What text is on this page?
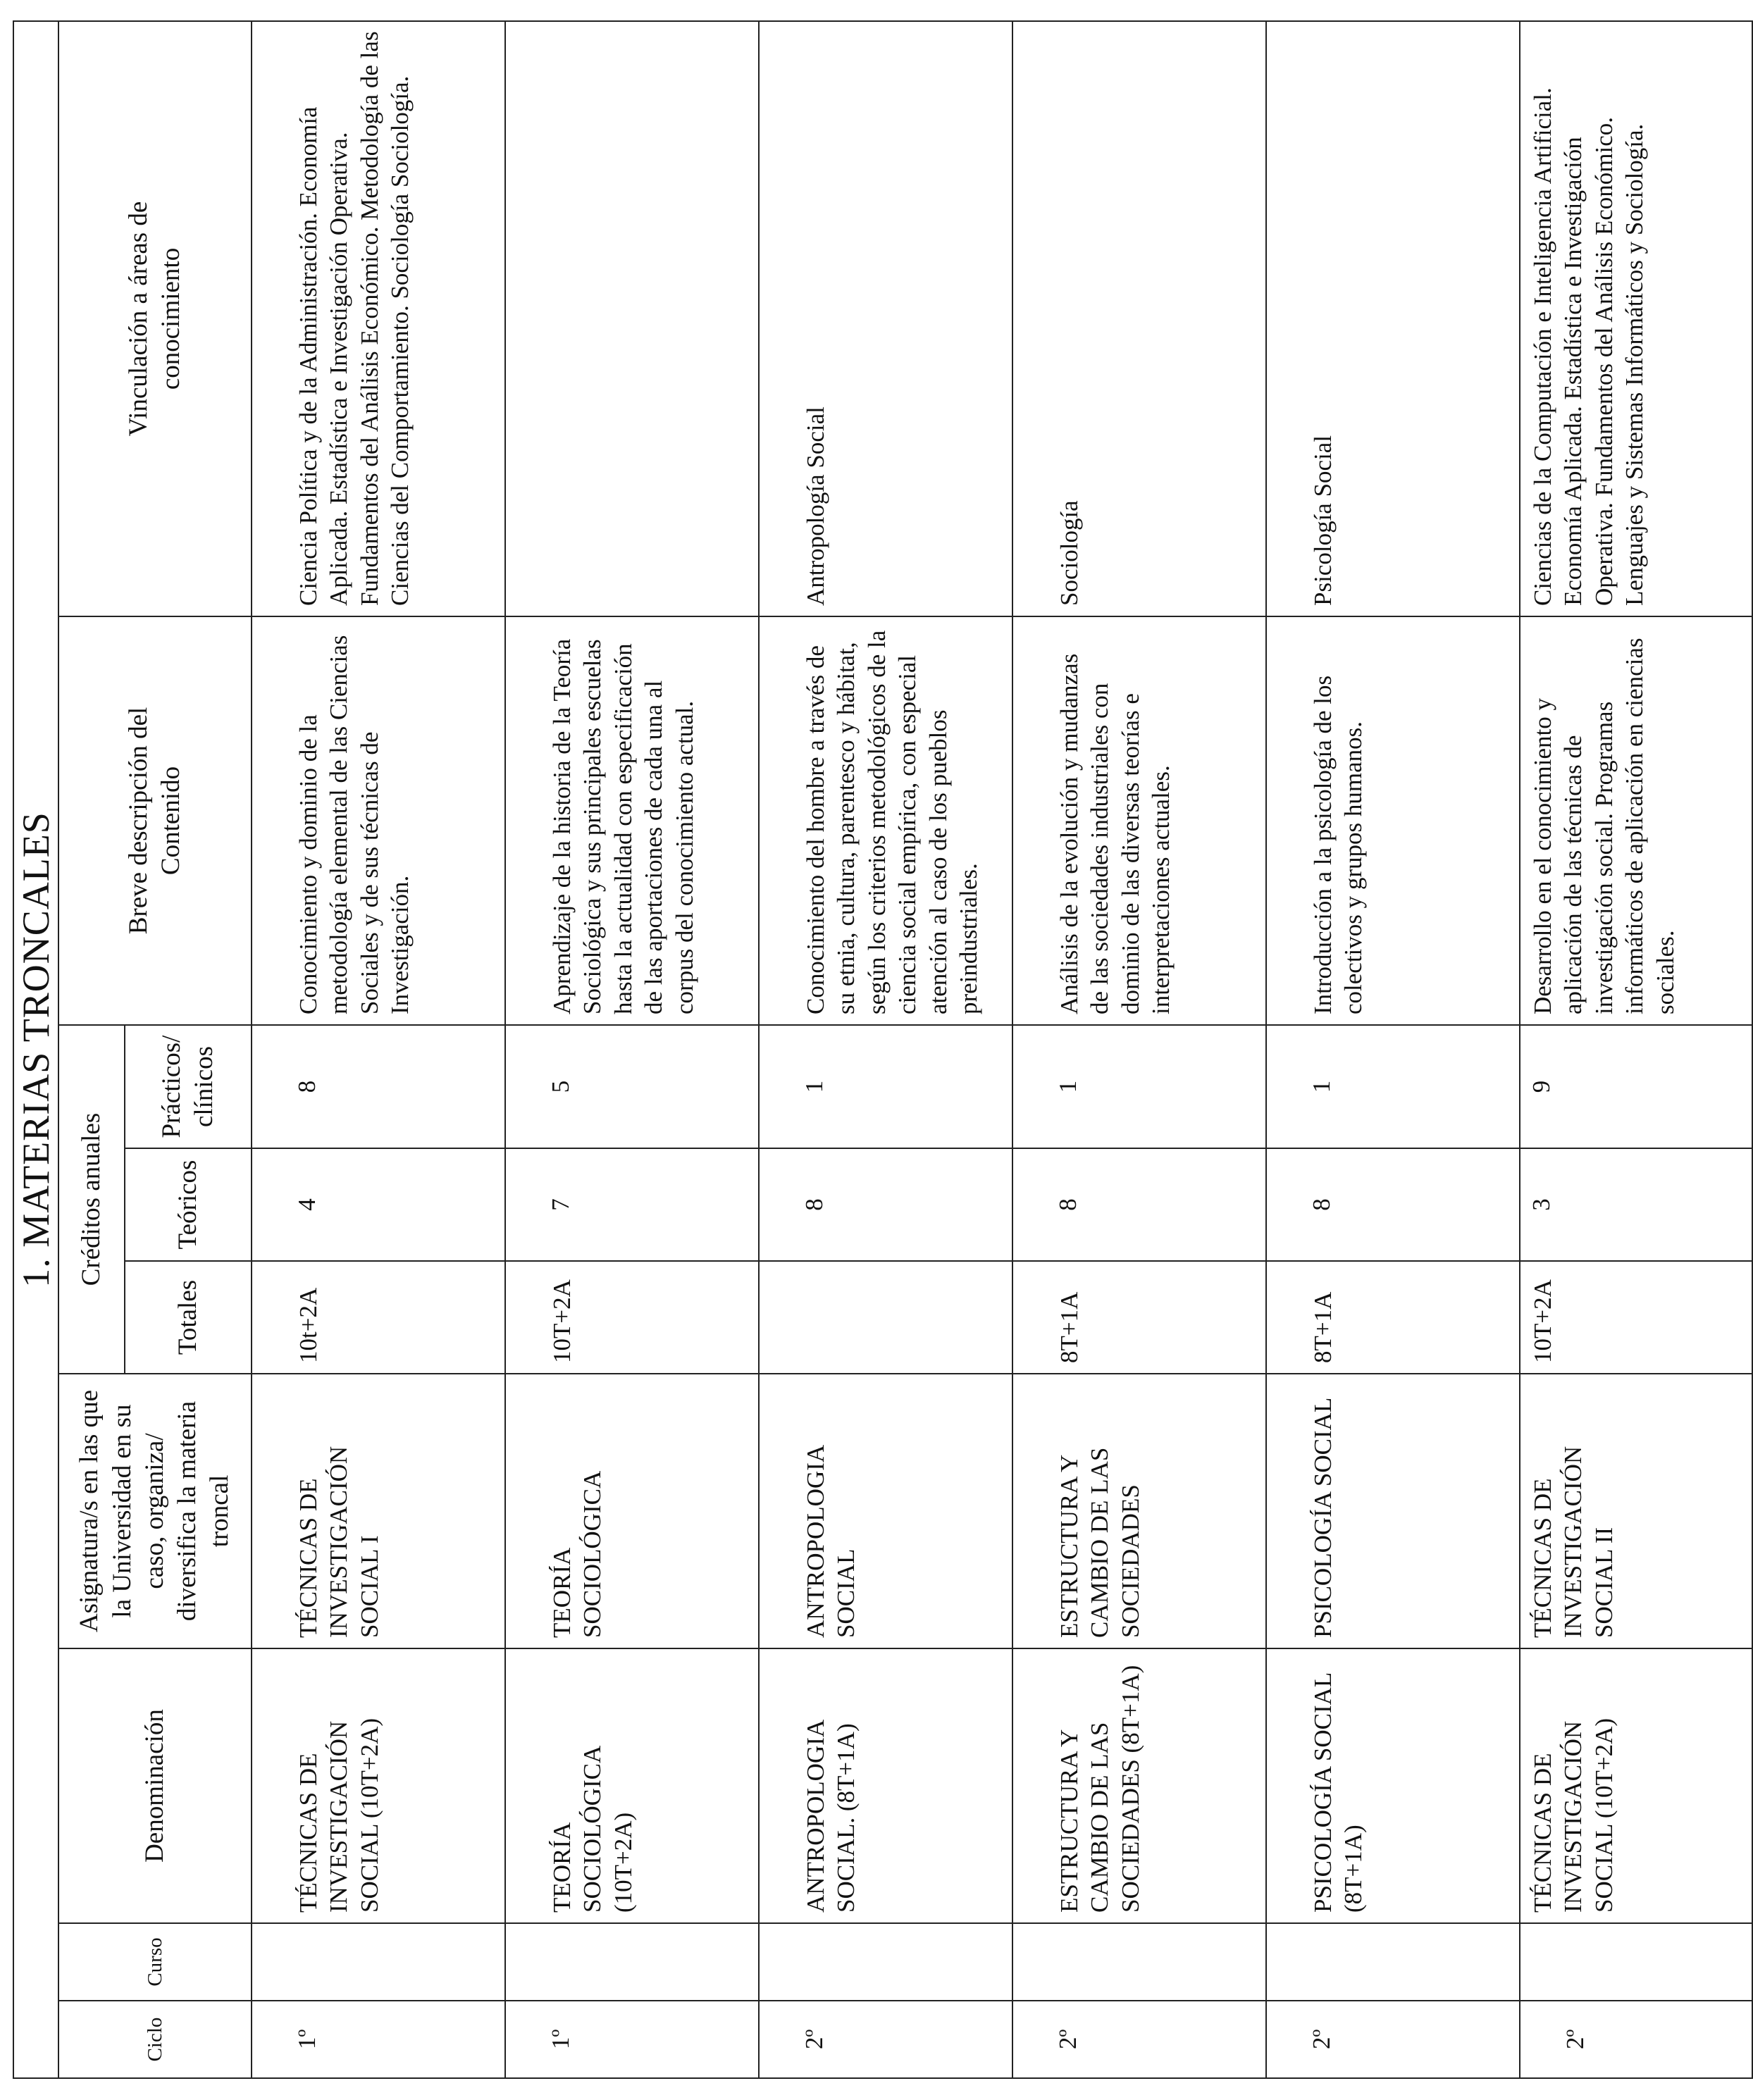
1. MATERIAS TRONCALES								
Ciclo	Curso	Denominación	Asignatura/s en las que la Universidad en su caso, organiza/ diversifica la materia troncal	Créditos anuales			Breve descripción del Contenido	Vinculación a áreas de conocimiento
				Totales	Teóricos	Prácticos/ clínicos		
1º		TÉCNICAS DE INVESTIGACIÓN SOCIAL (10T+2A)	TÉCNICAS DE INVESTIGACIÓN SOCIAL I	10t+2A	4	8	Conocimiento y dominio de la metodología elemental de las Ciencias Sociales y de sus técnicas de Investigación.	Ciencia Política y de la Administración. Economía Aplicada. Estadística e Investigación Operativa. Fundamentos del Análisis Económico. Metodología de las Ciencias del Comportamiento. Sociología Sociología.
1º		TEORÍA SOCIOLÓGICA (10T+2A)	TEORÍA SOCIOLÓGICA	10T+2A	7	5	Aprendizaje de la historia de la Teoría Sociológica y sus principales escuelas hasta la actualidad con especificación de las aportaciones de cada una al corpus del conocimiento actual.	
2º		ANTROPOLOGIA SOCIAL. (8T+1A)	ANTROPOLOGIA SOCIAL		8	1	Conocimiento del hombre a través de su etnia, cultura, parentesco y hábitat, según los criterios metodológicos de la ciencia social empírica, con especial atención al caso de los pueblos preindustriales.	Antropología Social
2º		ESTRUCTURA Y CAMBIO DE LAS SOCIEDADES (8T+1A)	ESTRUCTURA Y CAMBIO DE LAS SOCIEDADES	8T+1A	8	1	Análisis de la evolución y mudanzas de las sociedades industriales con dominio de las diversas teorías e interpretaciones actuales.	Sociología
2º		PSICOLOGÍA SOCIAL (8T+1A)	PSICOLOGÍA SOCIAL	8T+1A	8	1	Introducción a la psicología de los colectivos y grupos humanos.	Psicología Social
2º		TÉCNICAS DE INVESTIGACIÓN SOCIAL (10T+2A)	TÉCNICAS DE INVESTIGACIÓN SOCIAL II	10T+2A	3	9	Desarrollo en el conocimiento y aplicación de las técnicas de investigación social. Programas informáticos de aplicación en ciencias sociales.	Ciencias de la Computación e Inteligencia Artificial. Economía Aplicada. Estadística e Investigación Operativa. Fundamentos del Análisis Económico. Lenguajes y Sistemas Informáticos y Sociología.
